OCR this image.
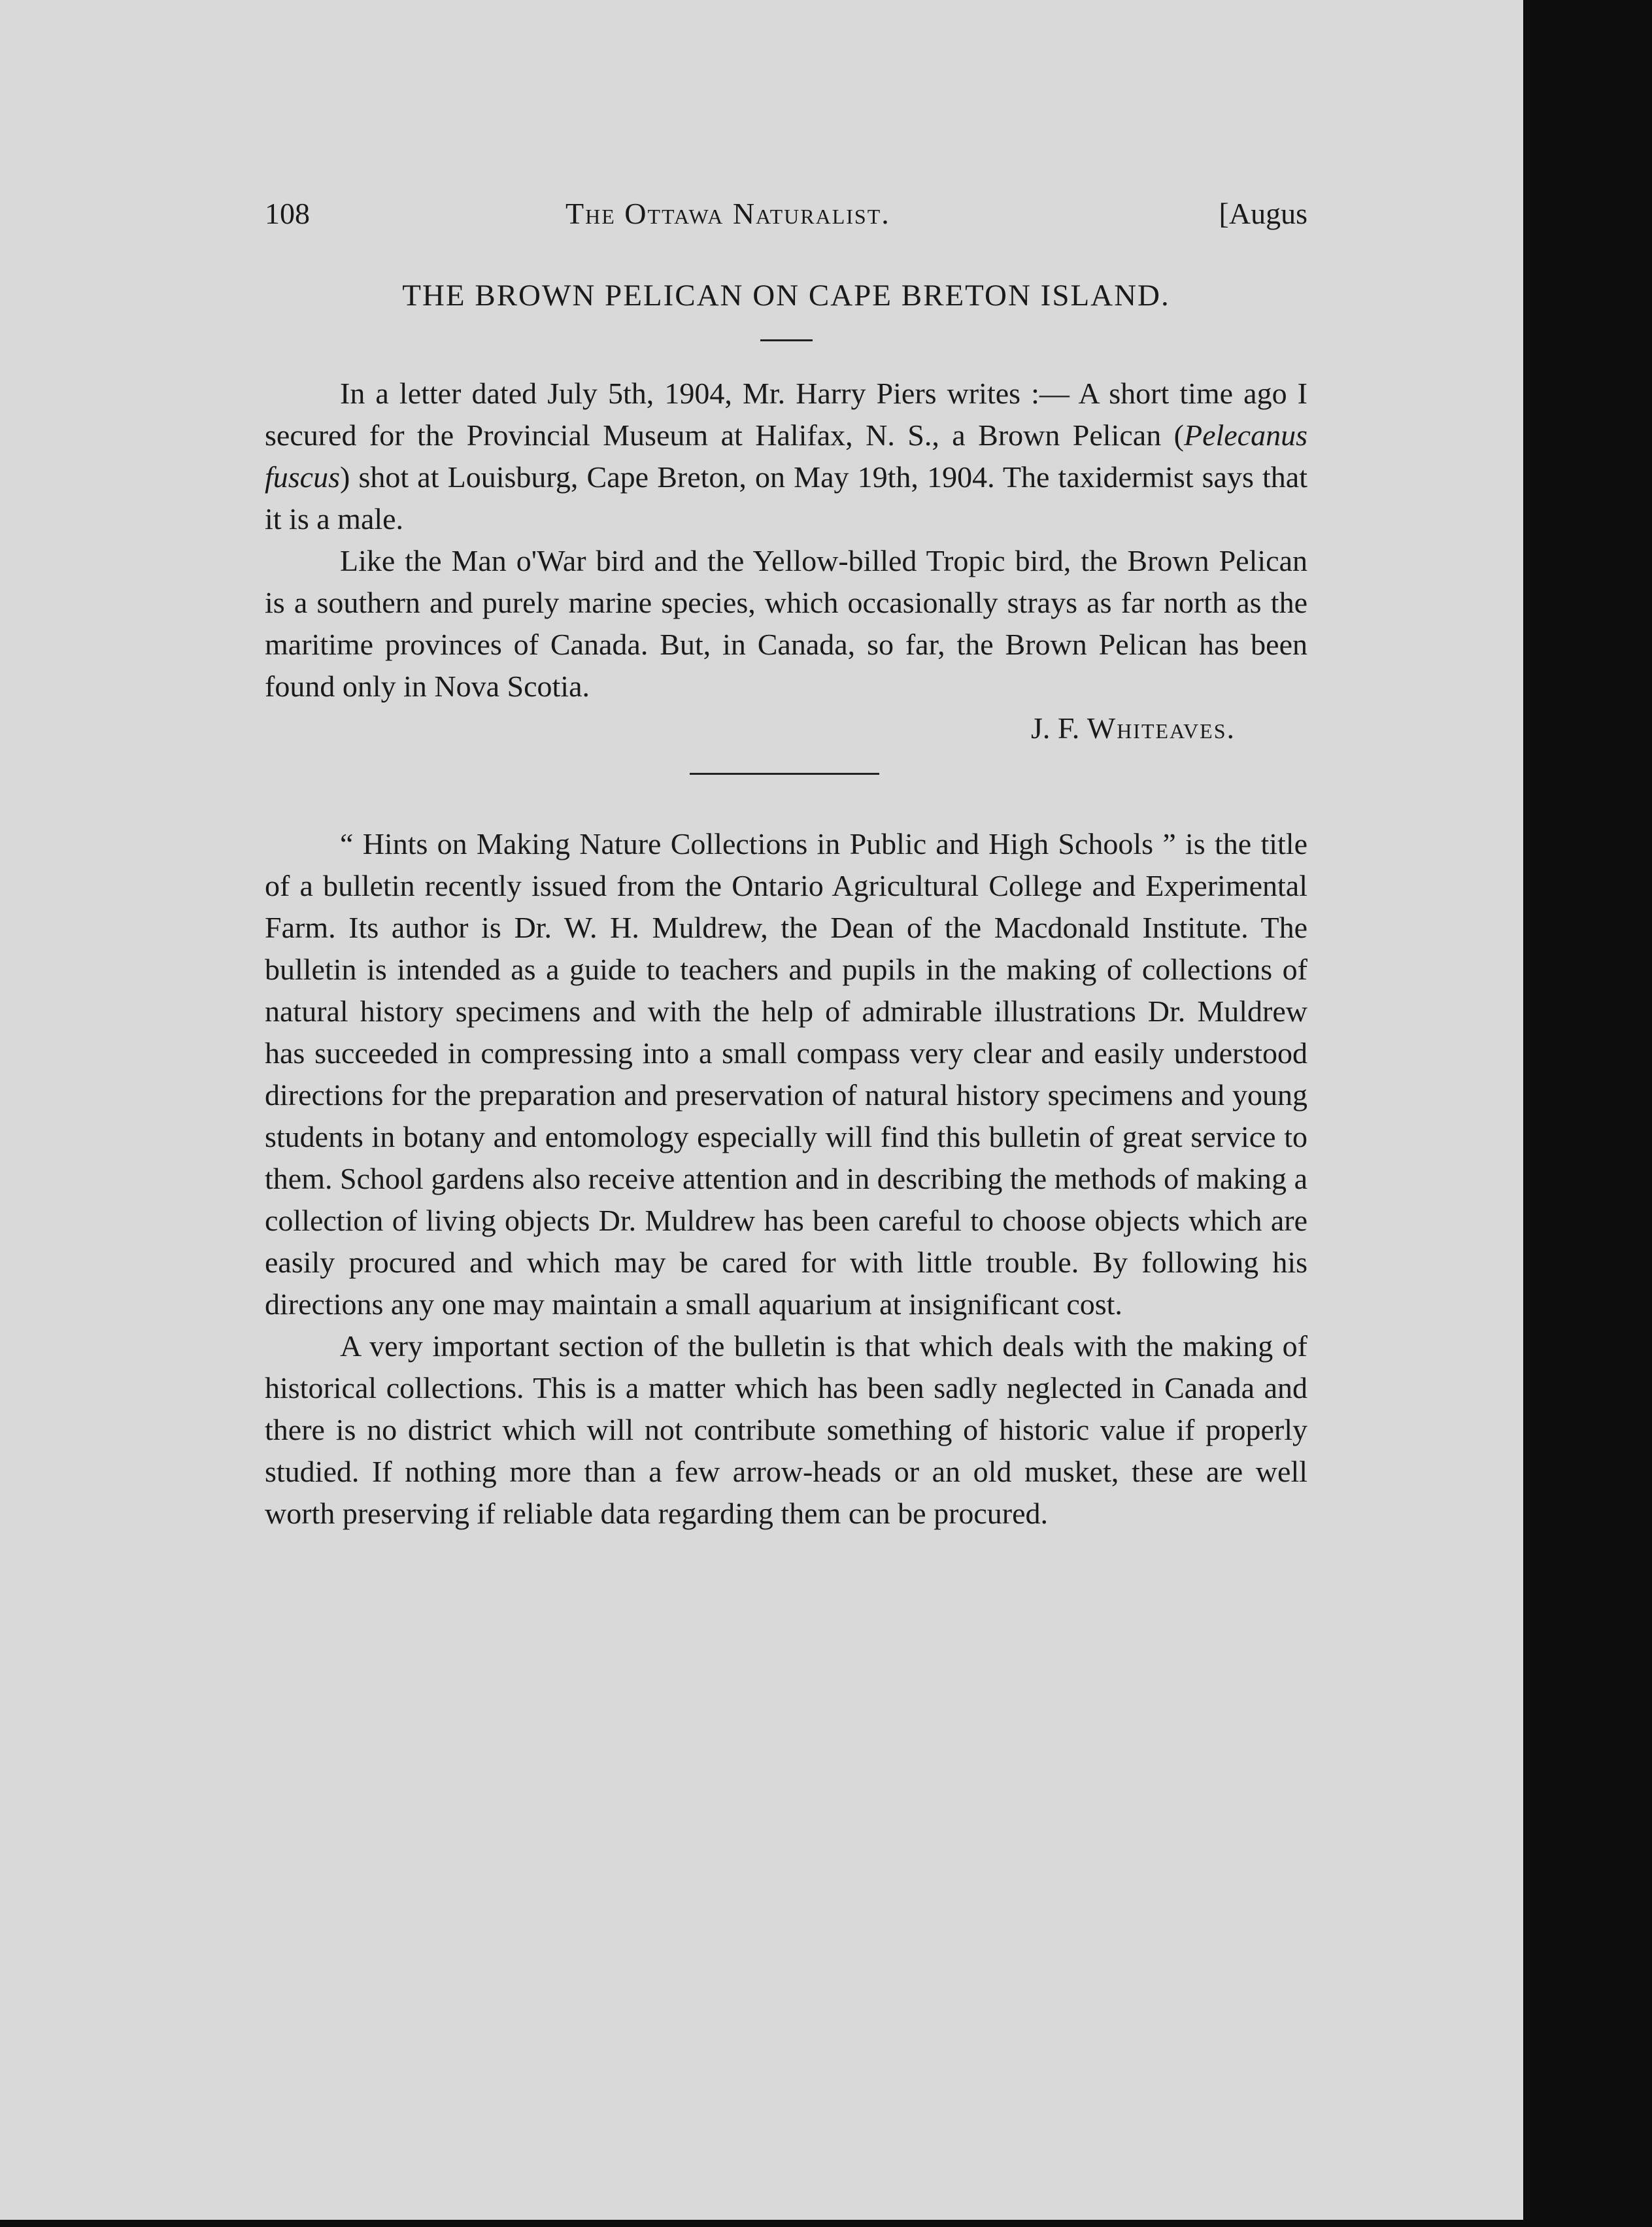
108	The Ottawa Naturalist.	[Augus
THE BROWN PELICAN ON CAPE BRETON ISLAND.

In a letter dated July 5th, 1904, Mr. Harry Piers writes :— A short time ago I secured for the Provincial Museum at Halifax, N. S., a Brown Pelican (Pelecanus fuscus) shot at Louisburg, Cape Breton, on May 19th, 1904. The taxidermist says that it is a male.

Like the Man o'War bird and the Yellow-billed Tropic bird, the Brown Pelican is a southern and purely marine species, which occasionally strays as far north as the maritime provinces of Canada. But, in Canada, so far, the Brown Pelican has been found only in Nova Scotia.

J. F. Whiteaves.

“ Hints on Making Nature Collections in Public and High Schools ” is the title of a bulletin recently issued from the Ontario Agricultural College and Experimental Farm. Its author is Dr. W. H. Muldrew, the Dean of the Macdonald Institute. The bulletin is intended as a guide to teachers and pupils in the making of collections of natural history specimens and with the help of admirable illustrations Dr. Muldrew has succeeded in compressing into a small compass very clear and easily understood directions for the preparation and preservation of natural history specimens and young students in botany and entomology especially will find this bulletin of great service to them. School gardens also receive attention and in describing the methods of making a collection of living objects Dr. Muldrew has been careful to choose objects which are easily procured and which may be cared for with little trouble. By following his directions any one may maintain a small aquarium at insignificant cost.

A very important section of the bulletin is that which deals with the making of historical collections. This is a matter which has been sadly neglected in Canada and there is no district which will not contribute something of historic value if properly studied. If nothing more than a few arrow-heads or an old musket, these are well worth preserving if reliable data regarding them can be procured.
